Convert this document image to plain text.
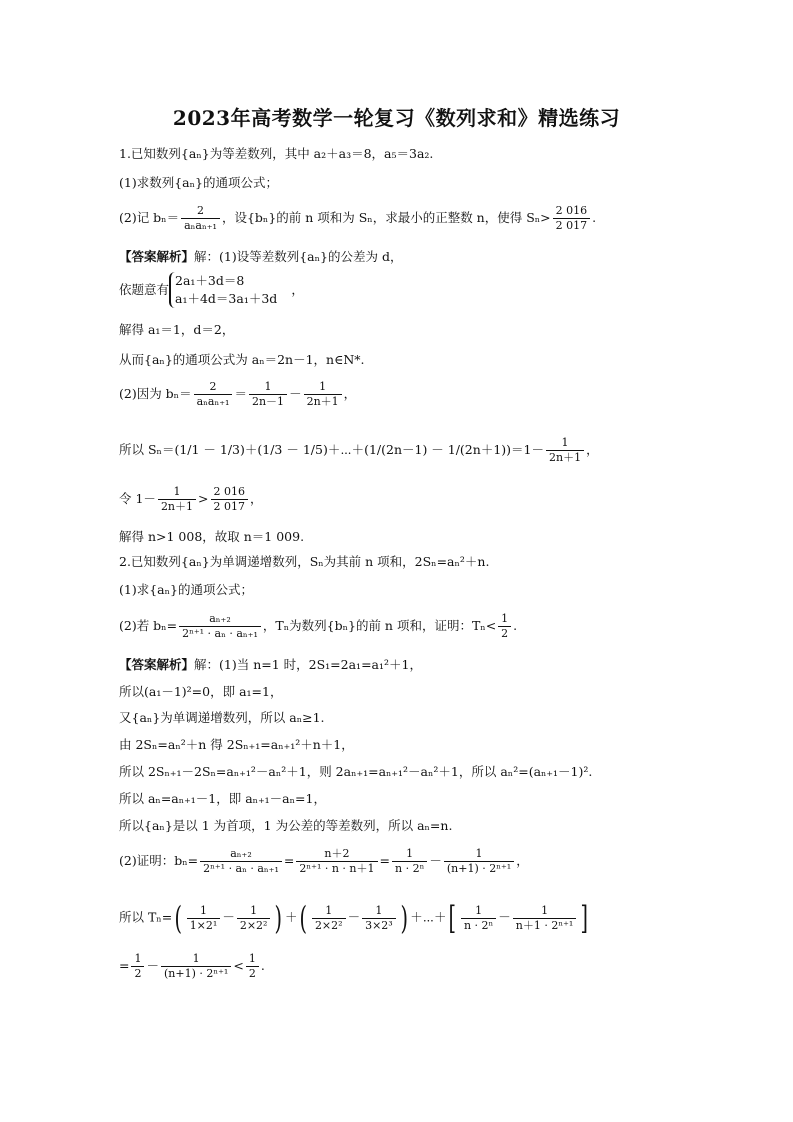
2023年高考数学一轮复习《数列求和》精选练习
1.已知数列{aₙ}为等差数列，其中 a₂＋a₃＝8，a₅＝3a₂.
(1)求数列{aₙ}的通项公式；
(2)记 $b_n= \frac{2}{\text{aₙaₙ₊₁}}$ ，设{bₙ}的前 n 项和为 Sₙ，求最小的正整数 n，使得 $S_n> \frac{2 016}{2 017}$ .
【答案解析】解：(1)设等差数列{aₙ}的公差为 d，
依题意有
2a₁＋3d＝8
a₁＋4d＝3a₁＋3d
，
解得 a₁＝1，d＝2，
从而{aₙ}的通项公式为 aₙ＝2n－1，n∈N*.
(2)因为 $b_n= \frac{2}{\text{aₙaₙ₊₁}} = \frac{1}{2n-1} - \frac{1}{2n+1}$ ，
所以 Sₙ＝(1/1 － 1/3)＋(1/3 － 1/5)＋⋯＋(1/(2n－1) － $1/(2n+1))=1- \frac{1}{2n+1}$ ，
令 $1- \frac{1}{2n+1} > \frac{2 016}{2 017}$ ，
解得 n>1 008，故取 n＝1 009.
2.已知数列{aₙ}为单调递增数列，Sₙ为其前 n 项和，2Sₙ=aₙ²＋n.
(1)求{aₙ}的通项公式；
(2)若 $b_n= \frac{\text{aₙ₊₂}}{\text{2ⁿ⁺¹ · aₙ · aₙ₊₁}}$ ，Tₙ为数列{bₙ}的前 n 项和，证明：$T_n< \frac{1}{2}$ .
【答案解析】解：(1)当 n=1 时，2S₁=2a₁=a₁²＋1，
所以(a₁－1)²=0，即 a₁=1，
又{aₙ}为单调递增数列，所以 aₙ≥1.
由 2Sₙ=aₙ²＋n 得 2Sₙ₊₁=aₙ₊₁²＋n＋1，
所以 2Sₙ₊₁－2Sₙ=aₙ₊₁²－aₙ²＋1，则 2aₙ₊₁=aₙ₊₁²－aₙ²＋1，所以 aₙ²=(aₙ₊₁－1)².
所以 aₙ=aₙ₊₁－1，即 aₙ₊₁－aₙ=1，
所以{aₙ}是以 1 为首项，1 为公差的等差数列，所以 aₙ=n.
(2)证明：$b_n= \frac{\text{aₙ₊₂}}{\text{2ⁿ⁺¹ · aₙ · aₙ₊₁}} = \frac{n+2}{\text{2ⁿ⁺¹ · n · n＋1}} = \frac{1}{\text{n · 2ⁿ}} - \frac{1}{\text{(n+1) · 2ⁿ⁺¹}}$ ，
所以 $T_n=( \frac{1}{\text{1×2¹}} - \frac{1}{\text{2×2²}}$ ) ＋( $\frac{1}{\text{2×2²}} - \frac{1}{\text{3×2³}}$ ) ＋⋯＋[ $\frac{1}{\text{n · 2ⁿ}} - \frac{1}{\text{n＋1 · 2ⁿ⁺¹}}$ ]
= $\frac{1}{2} - \frac{1}{\text{(n+1) · 2ⁿ⁺¹}} < \frac{1}{2}$ .
